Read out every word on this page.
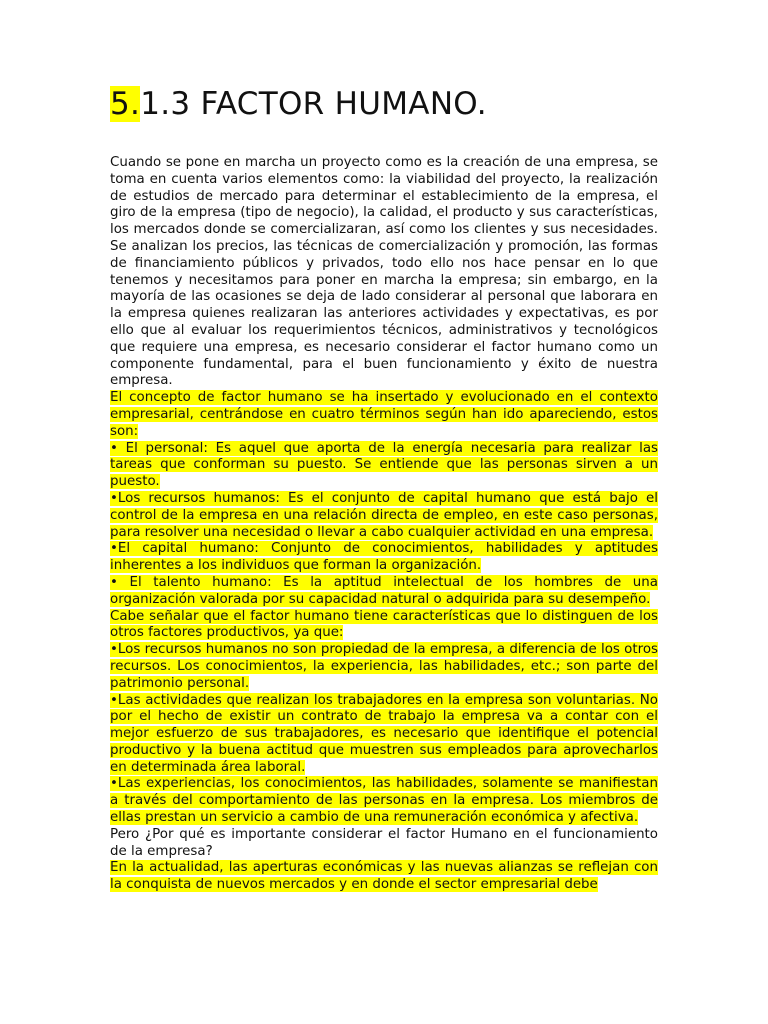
5.1.3 FACTOR HUMANO.

Cuando se pone en marcha un proyecto como es la creación de una empresa, se toma en cuenta varios elementos como: la viabilidad del proyecto, la realización de estudios de mercado para determinar el establecimiento de la empresa, el giro de la empresa (tipo de negocio), la calidad, el producto y sus características, los mercados donde se comercializaran, así como los clientes y sus necesidades. Se analizan los precios, las técnicas de comercialización y promoción, las formas de financiamiento públicos y privados, todo ello nos hace pensar en lo que tenemos y necesitamos para poner en marcha la empresa; sin embargo, en la mayoría de las ocasiones se deja de lado considerar al personal que laborara en la empresa quienes realizaran las anteriores actividades y expectativas, es por ello que al evaluar los requerimientos técnicos, administrativos y tecnológicos que requiere una empresa, es necesario considerar el factor humano como un componente fundamental, para el buen funcionamiento y éxito de nuestra empresa.

El concepto de factor humano se ha insertado y evolucionado en el contexto empresarial, centrándose en cuatro términos según han ido apareciendo, estos son:

• El personal: Es aquel que aporta de la energía necesaria para realizar las tareas que conforman su puesto. Se entiende que las personas sirven a un puesto.

•Los recursos humanos: Es el conjunto de capital humano que está bajo el control de la empresa en una relación directa de empleo, en este caso personas, para resolver una necesidad o llevar a cabo cualquier actividad en una empresa.

•El capital humano: Conjunto de conocimientos, habilidades y aptitudes inherentes a los individuos que forman la organización.

• El talento humano: Es la aptitud intelectual de los hombres de una organización valorada por su capacidad natural o adquirida para su desempeño.

Cabe señalar que el factor humano tiene características que lo distinguen de los otros factores productivos, ya que:

•Los recursos humanos no son propiedad de la empresa, a diferencia de los otros recursos. Los conocimientos, la experiencia, las habilidades, etc.; son parte del patrimonio personal.

•Las actividades que realizan los trabajadores en la empresa son voluntarias. No por el hecho de existir un contrato de trabajo la empresa va a contar con el mejor esfuerzo de sus trabajadores, es necesario que identifique el potencial productivo y la buena actitud que muestren sus empleados para aprovecharlos en determinada área laboral.

•Las experiencias, los conocimientos, las habilidades, solamente se manifiestan a través del comportamiento de las personas en la empresa. Los miembros de ellas prestan un servicio a cambio de una remuneración económica y afectiva.

Pero ¿Por qué es importante considerar el factor Humano en el funcionamiento de la empresa?

En la actualidad, las aperturas económicas y las nuevas alianzas se reflejan con la conquista de nuevos mercados y en donde el sector empresarial debe
